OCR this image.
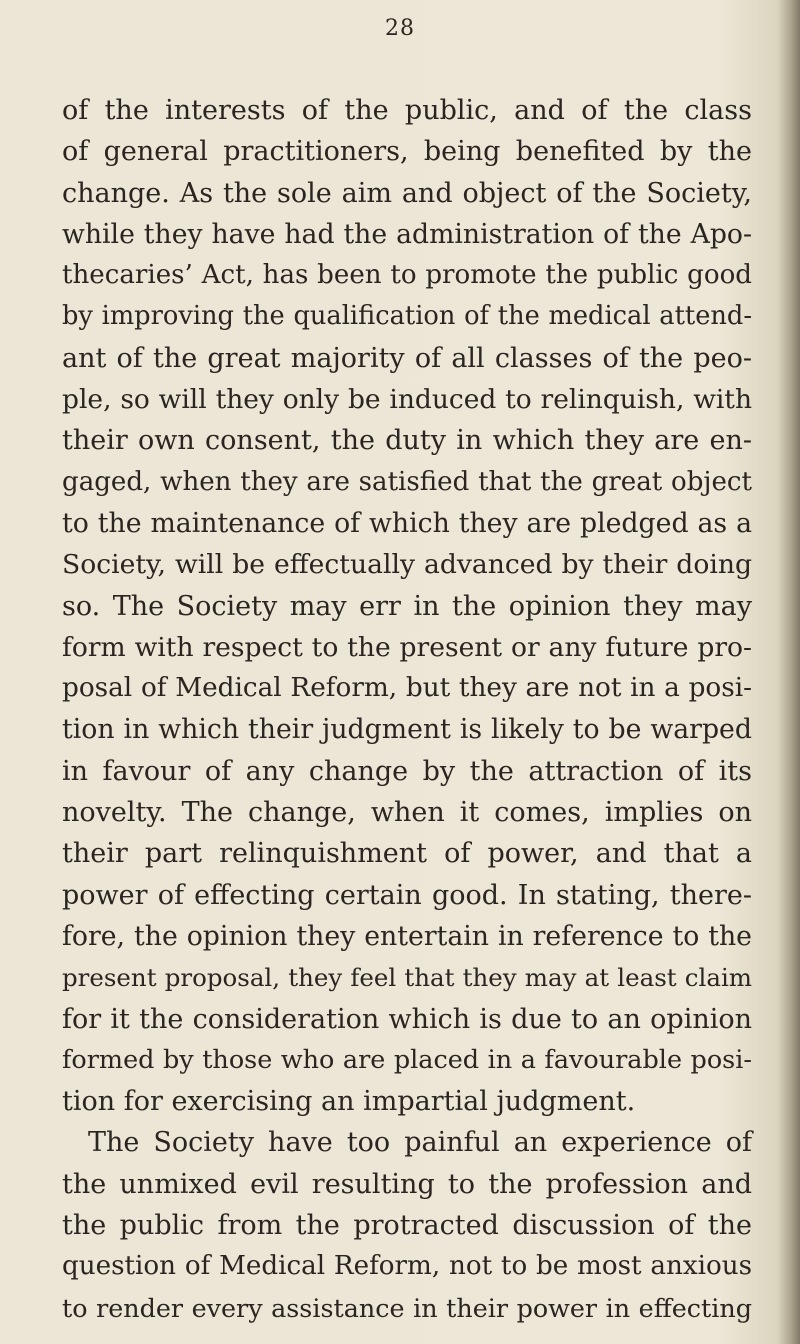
28
of the interests of the public, and of the class
of general practitioners, being benefited by the
change. As the sole aim and object of the Society,
while they have had the administration of the Apo-
thecaries’ Act, has been to promote the public good
by improving the qualification of the medical attend-
ant of the great majority of all classes of the peo-
ple, so will they only be induced to relinquish, with
their own consent, the duty in which they are en-
gaged, when they are satisfied that the great object
to the maintenance of which they are pledged as a
Society, will be effectually advanced by their doing
so. The Society may err in the opinion they may
form with respect to the present or any future pro-
posal of Medical Reform, but they are not in a posi-
tion in which their judgment is likely to be warped
in favour of any change by the attraction of its
novelty. The change, when it comes, implies on
their part relinquishment of power, and that a
power of effecting certain good. In stating, there-
fore, the opinion they entertain in reference to the
present proposal, they feel that they may at least claim
for it the consideration which is due to an opinion
formed by those who are placed in a favourable posi-
tion for exercising an impartial judgment.
The Society have too painful an experience of
the unmixed evil resulting to the profession and
the public from the protracted discussion of the
question of Medical Reform, not to be most anxious
to render every assistance in their power in effecting
